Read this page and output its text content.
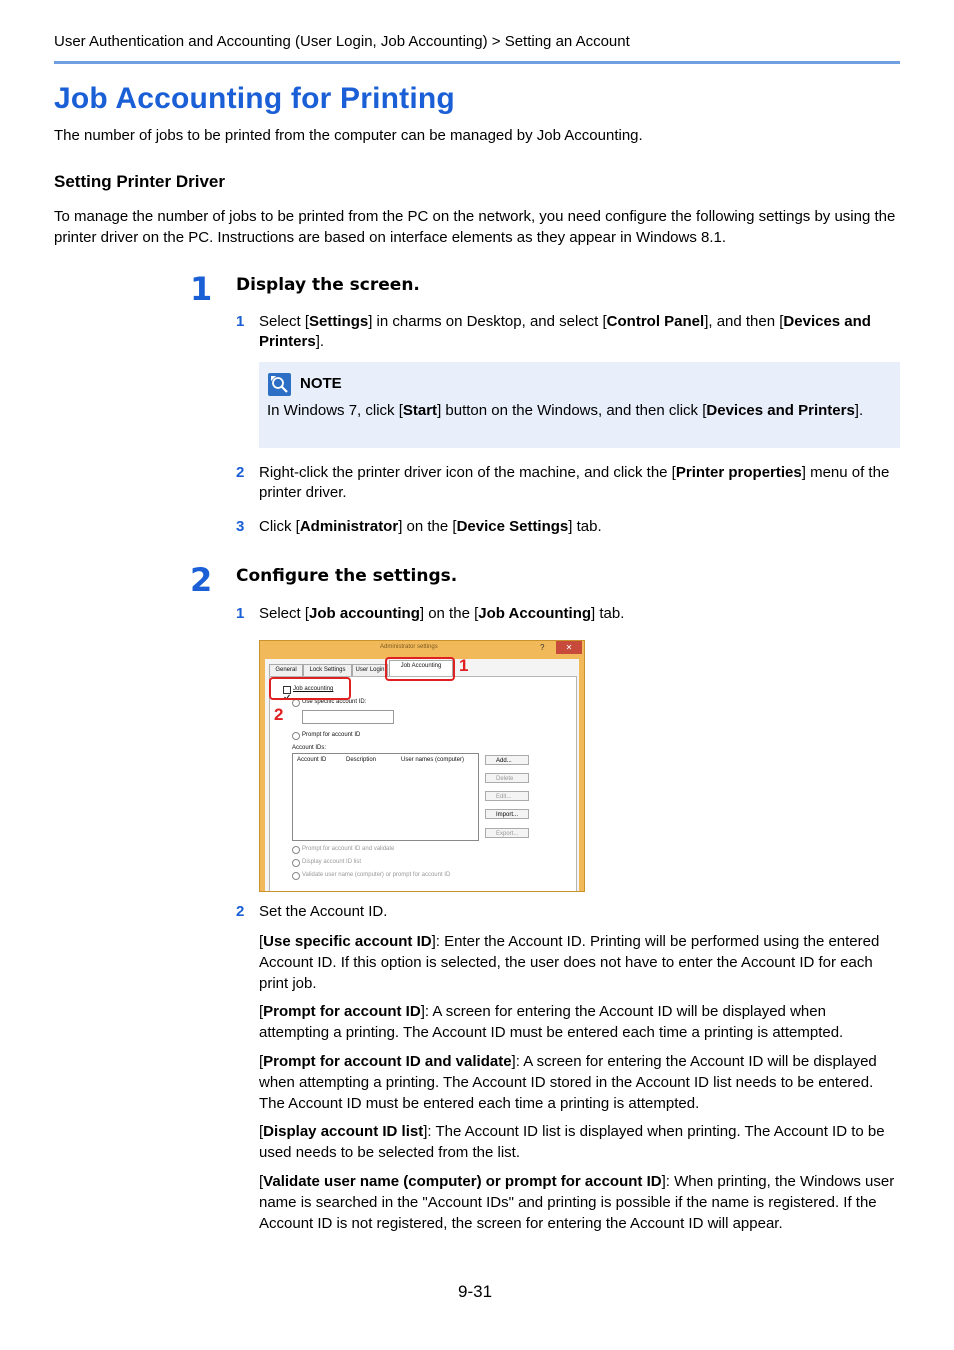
User Authentication and Accounting (User Login, Job Accounting) > Setting an Account
Job Accounting for Printing
The number of jobs to be printed from the computer can be managed by Job Accounting.
Setting Printer Driver
To manage the number of jobs to be printed from the PC on the network, you need configure the following settings by using the printer driver on the PC. Instructions are based on interface elements as they appear in Windows 8.1.
1 Display the screen.
1 Select [Settings] in charms on Desktop, and select [Control Panel], and then [Devices and Printers].
NOTE
In Windows 7, click [Start] button on the Windows, and then click [Devices and Printers].
2 Right-click the printer driver icon of the machine, and click the [Printer properties] menu of the printer driver.
3 Click [Administrator] on the [Device Settings] tab.
2 Configure the settings.
1 Select [Job accounting] on the [Job Accounting] tab.
Administrator settings	?	✕
General	Lock Settings	User Login
Job Accounting
Job accounting
Use specific account ID:
Prompt for account ID
Account IDs:
Account ID	Description	User names (computer)	Add...
Delete
Edit...
Import...
Export...
Prompt for account ID and validate
Display account ID list
Validate user name (computer) or prompt for account ID
1
2
2 Set the Account ID.
[Use specific account ID]: Enter the Account ID. Printing will be performed using the entered Account ID. If this option is selected, the user does not have to enter the Account ID for each print job.
[Prompt for account ID]: A screen for entering the Account ID will be displayed when attempting a printing. The Account ID must be entered each time a printing is attempted.
[Prompt for account ID and validate]: A screen for entering the Account ID will be displayed when attempting a printing. The Account ID stored in the Account ID list needs to be entered. The Account ID must be entered each time a printing is attempted.
[Display account ID list]: The Account ID list is displayed when printing. The Account ID to be used needs to be selected from the list.
[Validate user name (computer) or prompt for account ID]: When printing, the Windows user name is searched in the "Account IDs" and printing is possible if the name is registered. If the Account ID is not registered, the screen for entering the Account ID will appear.
9-31
